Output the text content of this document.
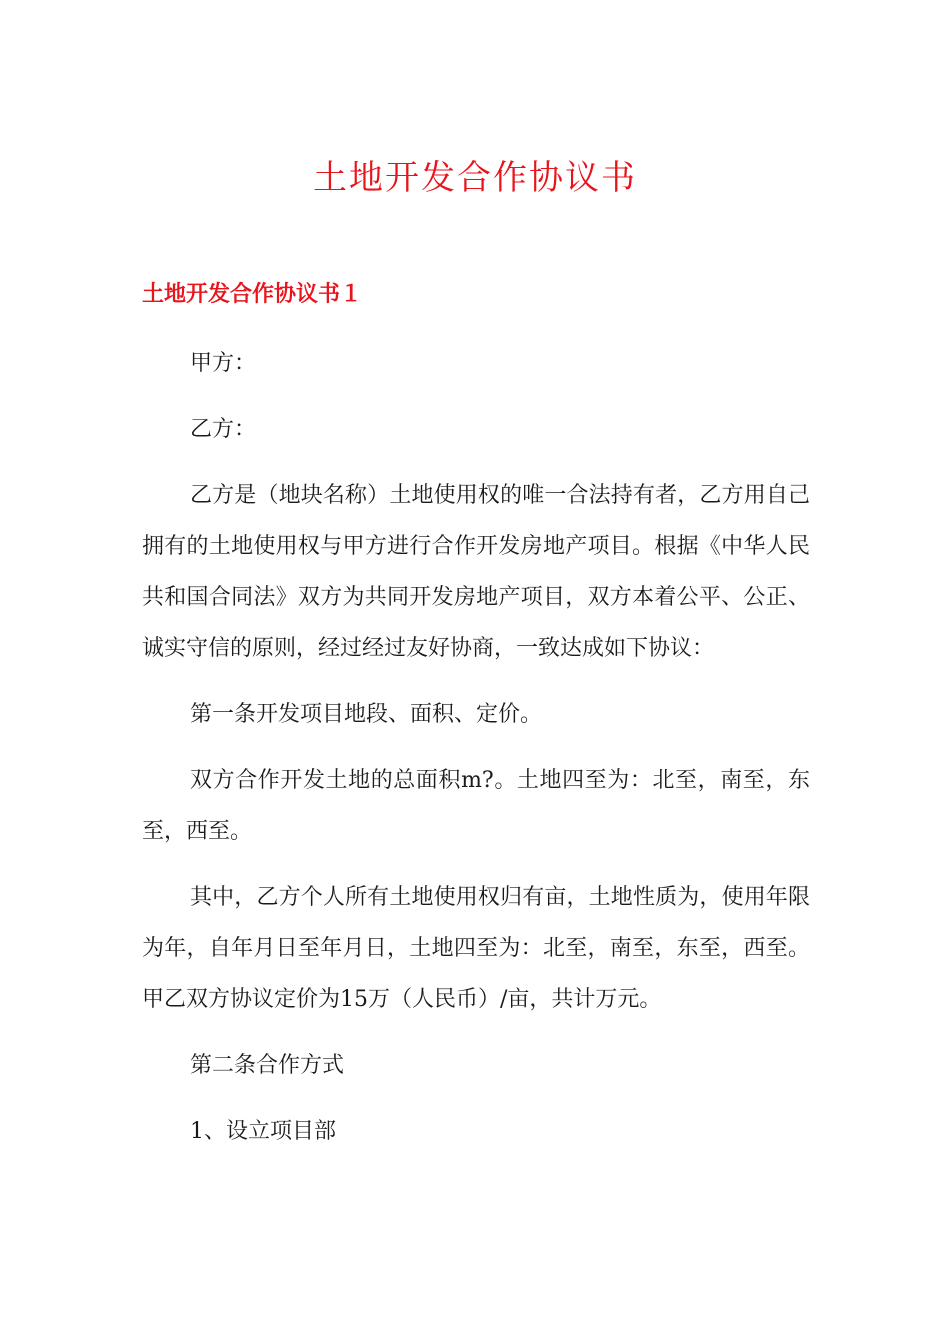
土地开发合作协议书
土地开发合作协议书１

甲方：

乙方：

乙方是（地块名称）土地使用权的唯一合法持有者，乙方用自己拥有的土地使用权与甲方进行合作开发房地产项目。根据《中华人民共和国合同法》双方为共同开发房地产项目，双方本着公平、公正、诚实守信的原则，经过经过友好协商，一致达成如下协议：

第一条开发项目地段、面积、定价。

双方合作开发土地的总面积m?。土地四至为：北至，南至，东至，西至。

其中，乙方个人所有土地使用权归有亩，土地性质为，使用年限为年，自年月日至年月日，土地四至为：北至，南至，东至，西至。甲乙双方协议定价为15万（人民币）/亩，共计万元。

第二条合作方式

1、设立项目部
